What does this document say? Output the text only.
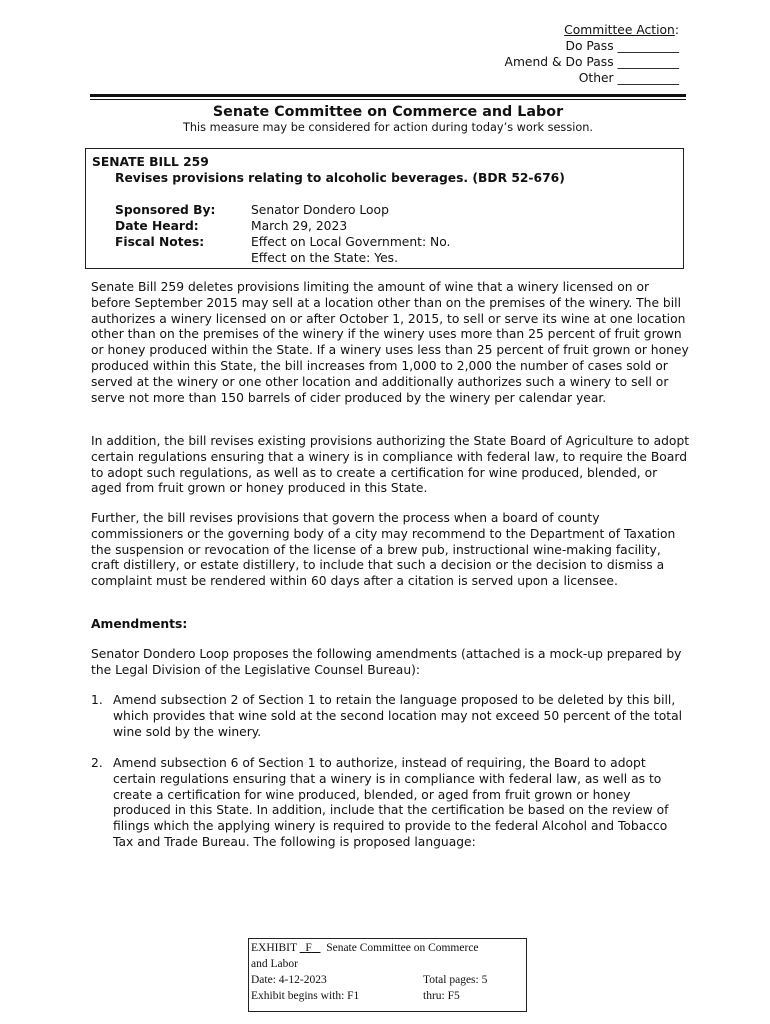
Committee Action:
Do Pass __________
Amend & Do Pass __________
Other __________
Senate Committee on Commerce and Labor
This measure may be considered for action during today’s work session.
SENATE BILL 259
Revises provisions relating to alcoholic beverages. (BDR 52-676)
Sponsored By:	Senator Dondero Loop
Date Heard:	March 29, 2023
Fiscal Notes:	Effect on Local Government: No.
Effect on the State: Yes.

Senate Bill 259 deletes provisions limiting the amount of wine that a winery licensed on or before September 2015 may sell at a location other than on the premises of the winery. The bill authorizes a winery licensed on or after October 1, 2015, to sell or serve its wine at one location other than on the premises of the winery if the winery uses more than 25 percent of fruit grown or honey produced within the State. If a winery uses less than 25 percent of fruit grown or honey produced within this State, the bill increases from 1,000 to 2,000 the number of cases sold or served at the winery or one other location and additionally authorizes such a winery to sell or serve not more than 150 barrels of cider produced by the winery per calendar year.

In addition, the bill revises existing provisions authorizing the State Board of Agriculture to adopt certain regulations ensuring that a winery is in compliance with federal law, to require the Board to adopt such regulations, as well as to create a certification for wine produced, blended, or aged from fruit grown or honey produced in this State.

Further, the bill revises provisions that govern the process when a board of county commissioners or the governing body of a city may recommend to the Department of Taxation the suspension or revocation of the license of a brew pub, instructional wine-making facility, craft distillery, or estate distillery, to include that such a decision or the decision to dismiss a complaint must be rendered within 60 days after a citation is served upon a licensee.

Amendments:

Senator Dondero Loop proposes the following amendments (attached is a mock-up prepared by the Legal Division of the Legislative Counsel Bureau):

1. Amend subsection 2 of Section 1 to retain the language proposed to be deleted by this bill, which provides that wine sold at the second location may not exceed 50 percent of the total wine sold by the winery.
2. Amend subsection 6 of Section 1 to authorize, instead of requiring, the Board to adopt certain regulations ensuring that a winery is in compliance with federal law, as well as to create a certification for wine produced, blended, or aged from fruit grown or honey produced in this State. In addition, include that the certification be based on the review of filings which the applying winery is required to provide to the federal Alcohol and Tobacco Tax and Trade Bureau. The following is proposed language:
EXHIBIT F Senate Committee on Commerce
and Labor
Date: 4-12-2023	Total pages: 5
Exhibit begins with: F1	thru: F5
